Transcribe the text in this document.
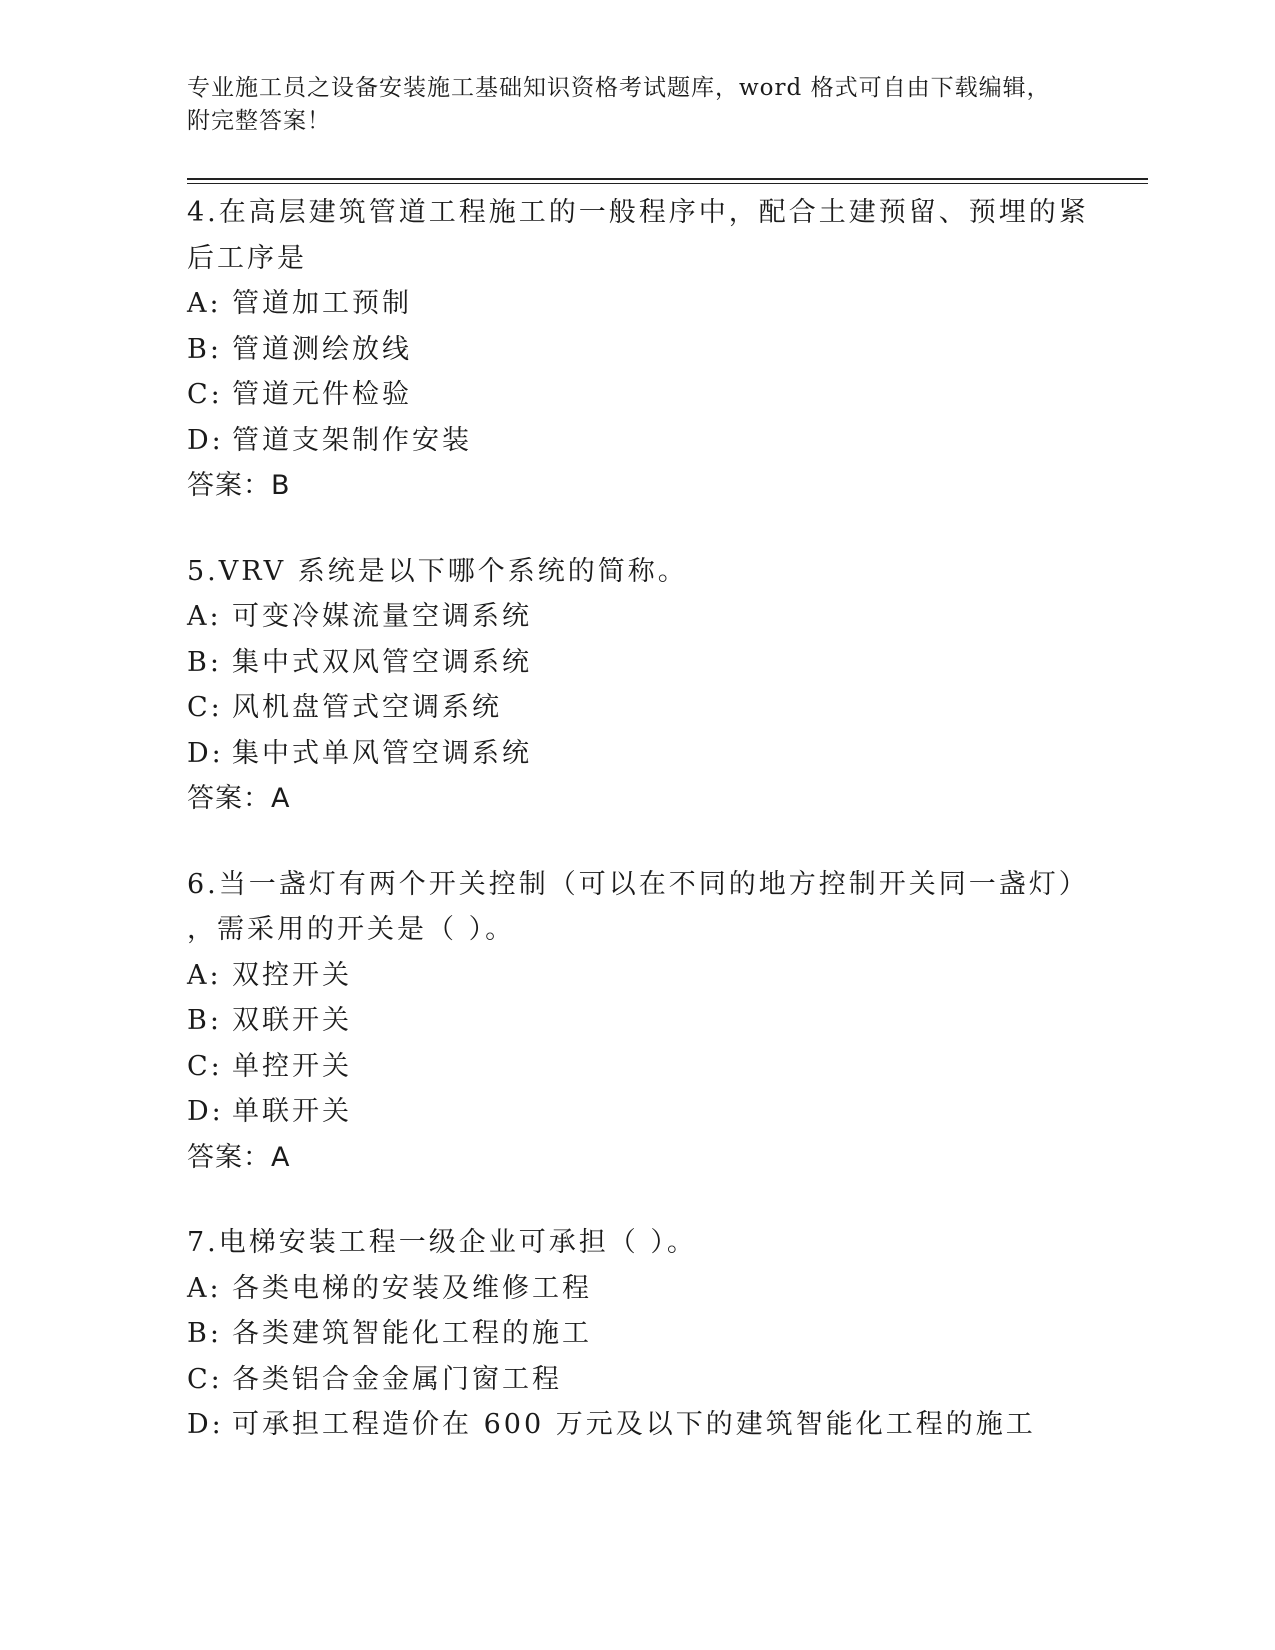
专业施工员之设备安装施工基础知识资格考试题库，word 格式可自由下载编辑，
附完整答案！
4.在高层建筑管道工程施工的一般程序中，配合土建预留、预埋的紧
后工序是
A: 管道加工预制
B: 管道测绘放线
C: 管道元件检验
D: 管道支架制作安装
答案：B
5.VRV 系统是以下哪个系统的简称。
A: 可变冷媒流量空调系统
B: 集中式双风管空调系统
C: 风机盘管式空调系统
D: 集中式单风管空调系统
答案：A
6.当一盏灯有两个开关控制（可以在不同的地方控制开关同一盏灯）
，需采用的开关是（ ）。
A: 双控开关
B: 双联开关
C: 单控开关
D: 单联开关
答案：A
7.电梯安装工程一级企业可承担（ ）。
A: 各类电梯的安装及维修工程
B: 各类建筑智能化工程的施工
C: 各类铝合金金属门窗工程
D: 可承担工程造价在 600 万元及以下的建筑智能化工程的施工
